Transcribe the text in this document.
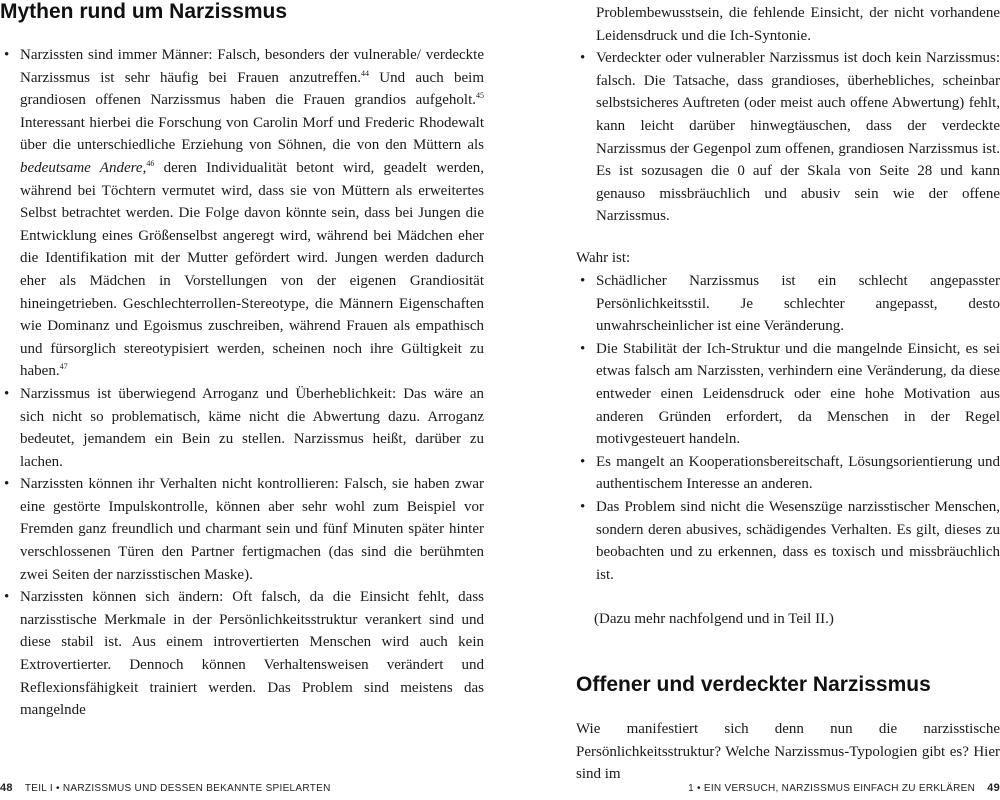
Mythen rund um Narzissmus
• Narzissten sind immer Männer: Falsch, besonders der vulnerable/ verdeckte Narzissmus ist sehr häufig bei Frauen anzutreffen.$^{44}$ Und auch beim grandiosen offenen Narzissmus haben die Frauen grandios aufgeholt.$^{45}$ Interessant hierbei die Forschung von Carolin Morf und Frederic Rhodewalt über die unterschiedliche Erziehung von Söhnen, die von den Müttern als bedeutsame Andere,$^{46}$ deren Individualität betont wird, geadelt werden, während bei Töchtern vermutet wird, dass sie von Müttern als erweitertes Selbst betrachtet werden. Die Folge davon könnte sein, dass bei Jungen die Entwicklung eines Größenselbst angeregt wird, während bei Mädchen eher die Identifikation mit der Mutter gefördert wird. Jungen werden dadurch eher als Mädchen in Vorstellungen von der eigenen Grandiosität hineingetrieben. Geschlechterrollen-Stereotype, die Männern Eigenschaften wie Dominanz und Egoismus zuschreiben, während Frauen als empathisch und fürsorglich stereotypisiert werden, scheinen noch ihre Gültigkeit zu haben.$^{47}$
• Narzissmus ist überwiegend Arroganz und Überheblichkeit: Das wäre an sich nicht so problematisch, käme nicht die Abwertung dazu. Arroganz bedeutet, jemandem ein Bein zu stellen. Narzissmus heißt, darüber zu lachen.
• Narzissten können ihr Verhalten nicht kontrollieren: Falsch, sie haben zwar eine gestörte Impulskontrolle, können aber sehr wohl zum Beispiel vor Fremden ganz freundlich und charmant sein und fünf Minuten später hinter verschlossenen Türen den Partner fertigmachen (das sind die berühmten zwei Seiten der narzisstischen Maske).
• Narzissten können sich ändern: Oft falsch, da die Einsicht fehlt, dass narzisstische Merkmale in der Persönlichkeitsstruktur verankert sind und diese stabil ist. Aus einem introvertierten Menschen wird auch kein Extrovertierter. Dennoch können Verhaltensweisen verändert und Reflexionsfähigkeit trainiert werden. Das Problem sind meistens das mangelnde
48 TEIL I • NARZISSMUS UND DESSEN BEKANNTE SPIELARTEN
Problembewusstsein, die fehlende Einsicht, der nicht vorhandene Leidensdruck und die Ich-Syntonie.
• Verdeckter oder vulnerabler Narzissmus ist doch kein Narzissmus: falsch. Die Tatsache, dass grandioses, überhebliches, scheinbar selbstsicheres Auftreten (oder meist auch offene Abwertung) fehlt, kann leicht darüber hinwegtäuschen, dass der verdeckte Narzissmus der Gegenpol zum offenen, grandiosen Narzissmus ist. Es ist sozusagen die 0 auf der Skala von Seite 28 und kann genauso missbräuchlich und abusiv sein wie der offene Narzissmus.
Wahr ist:
• Schädlicher Narzissmus ist ein schlecht angepasster Persönlichkeitsstil. Je schlechter angepasst, desto unwahrscheinlicher ist eine Veränderung.
• Die Stabilität der Ich-Struktur und die mangelnde Einsicht, es sei etwas falsch am Narzissten, verhindern eine Veränderung, da diese entweder einen Leidensdruck oder eine hohe Motivation aus anderen Gründen erfordert, da Menschen in der Regel motivgesteuert handeln.
• Es mangelt an Kooperationsbereitschaft, Lösungsorientierung und authentischem Interesse an anderen.
• Das Problem sind nicht die Wesenszüge narzisstischer Menschen, sondern deren abusives, schädigendes Verhalten. Es gilt, dieses zu beobachten und zu erkennen, dass es toxisch und missbräuchlich ist.
(Dazu mehr nachfolgend und in Teil II.)
Offener und verdeckter Narzissmus
Wie manifestiert sich denn nun die narzisstische Persönlichkeitsstruktur? Welche Narzissmus-Typologien gibt es? Hier sind im
1 • EIN VERSUCH, NARZISSMUS EINFACH ZU ERKLÄREN 49
